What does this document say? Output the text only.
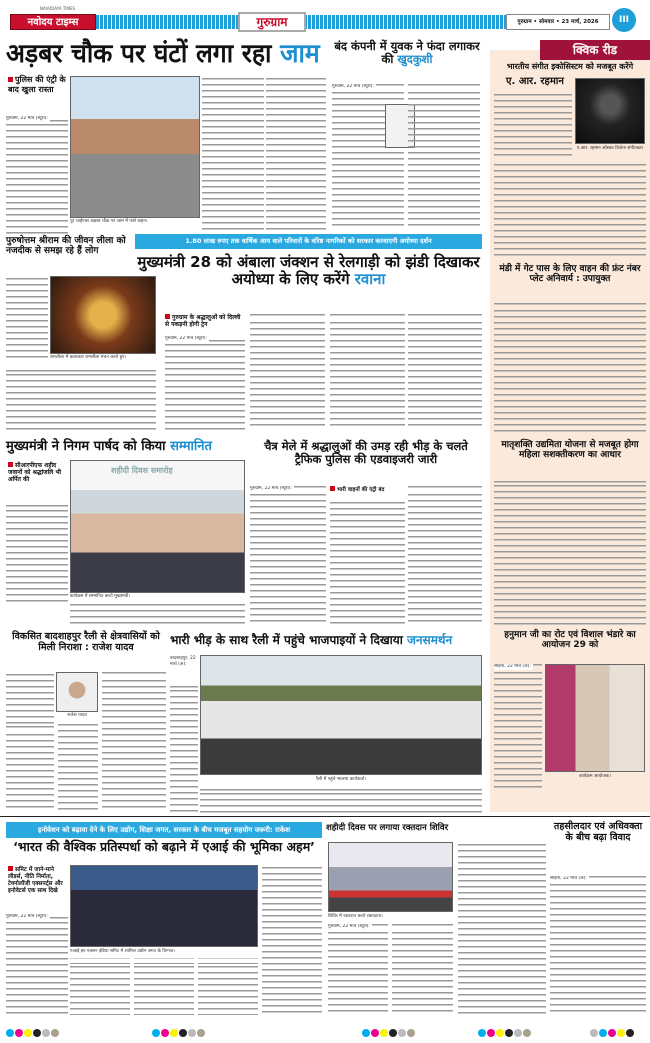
NAVODAYA TIMES
नवोदय टाइम्स	गुरुग्राम	गुरुग्राम • सोमवार • 23 मार्च, 2026	III
अड़बर चौक पर घंटों लगा रहा जाम
पुलिस की एंट्री के बाद खुला रास्ता
गुरुग्राम, 22 मार्च (ब्यूरो):
पुर चाईपास अड़बर चौक पर जाम में फंसे वाहन।
बंद कंपनी में युवक ने फंदा लगाकर की खुदकुशी
गुरुग्राम, 22 मार्च (ब्यूरो):
क्विक रीड
भारतीय संगीत इकोसिस्टम को मजबूत करेंगे
ए. आर. रहमान
ए.आर. रहमान ऑस्कर विजेता संगीतकार
मंडी में गेट पास के लिए वाहन की फ्रंट नंबर प्लेट अनिवार्य : उपायुक्त
मातृशक्ति उद्यमिता योजना से मजबूत होगा महिला सशक्तीकरण का आधार
हनुमान जी का रोट एवं विशाल भंडारे का आयोजन 29 को
सोहना, 22 मार्च (अ):
कार्यक्रम आयोजक।
पुरुषोत्तम श्रीराम की जीवन लीला को नजदीक से समझ रहे हैं लोग
रामलीला में कलाकार रामलीला मंचन करते हुए।
1.80 लाख रुपए तक वार्षिक आय वाले परिवारों के वरिष्ठ नागरिकों को सरकार करवाएगी अयोध्या दर्शन
मुख्यमंत्री 28 को अंबाला जंक्शन से रेलगाड़ी को झंडी दिखाकर अयोध्या के लिए करेंगे रवाना
गुरुग्राम के श्रद्धालुओं को दिल्ली से पकड़नी होगी ट्रेन
गुरुग्राम, 22 मार्च (ब्यूरो):
मुख्यमंत्री ने निगम पार्षद को किया सम्मानित
सीआरपीएफ शहीद जवानों को श्रद्धांजलि भी अर्पित की
शहीदी दिवस समारोह
कार्यक्रम में सम्मानित करते मुख्यमंत्री।
चैत्र मेले में श्रद्धालुओं की उमड़ रही भीड़ के चलते ट्रैफिक पुलिस की एडवाइजरी जारी
गुरुग्राम, 22 मार्च (ब्यूरो):	भारी वाहनों की एंट्री बंद
विकसित बादशाहपुर रैली से क्षेत्रवासियों को मिली निराशा : राजेश यादव
राजेश यादव
भारी भीड़ के साथ रैली में पहुंचे भाजपाइयों ने दिखाया जनसमर्थन
बादशाहपुर, 22 मार्च (अ):
रैली में पहुंचे भाजपा कार्यकर्ता।
इनोवेशन को बढ़ावा देने के लिए उद्योग, शिक्षा जगत, सरकार के बीच मजबूत सहयोग जरूरी: राकेश
‘भारत की वैश्विक प्रतिस्पर्धा को बढ़ाने में एआई की भूमिका अहम’
समिट में जाने-माने लीडर्स, नीति निर्माता, टेक्नोलॉजी एक्सपर्ट्स और इनोवेटर्स एक साथ दिखे
गुरुग्राम, 22 मार्च (ब्यूरो):
एआई इन एक्शन इंडिया समिट में शामिल उद्योग जगत के दिग्गज।
शहीदी दिवस पर लगाया रक्तदान शिविर
शिविर में रक्तदान करते रक्तदाता।
गुरुग्राम, 22 मार्च (ब्यूरो):
तहसीलदार एवं अधिवक्ता के बीच बढ़ा विवाद
सोहना, 22 मार्च (अ):
